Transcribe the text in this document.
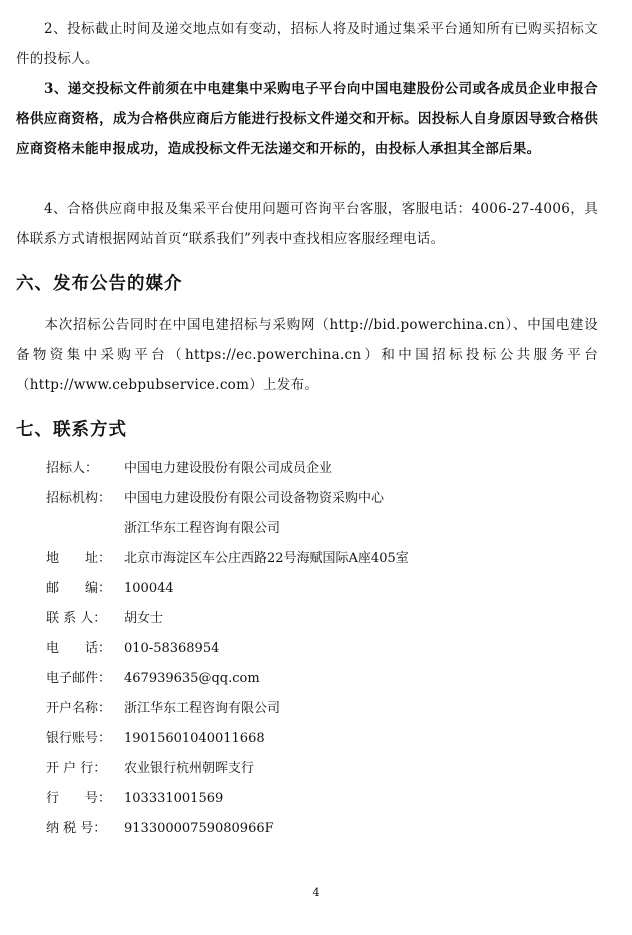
2、投标截止时间及递交地点如有变动，招标人将及时通过集采平台通知所有已购买招标文件的投标人。
3、递交投标文件前须在中电建集中采购电子平台向中国电建股份公司或各成员企业申报合格供应商资格，成为合格供应商后方能进行投标文件递交和开标。因投标人自身原因导致合格供应商资格未能申报成功，造成投标文件无法递交和开标的，由投标人承担其全部后果。
4、合格供应商申报及集采平台使用问题可咨询平台客服，客服电话：4006-27-4006，具体联系方式请根据网站首页“联系我们”列表中查找相应客服经理电话。
六、发布公告的媒介
本次招标公告同时在中国电建招标与采购网（http://bid.powerchina.cn）、中国电建设备物资集中采购平台（https://ec.powerchina.cn）和中国招标投标公共服务平台（http://www.cebpubservice.com）上发布。
七、联系方式
招标人： 中国电力建设股份有限公司成员企业
招标机构： 中国电力建设股份有限公司设备物资采购中心
浙江华东工程咨询有限公司
地　　址： 北京市海淀区车公庄西路22号海赋国际A座405室
邮　　编： 100044
联 系 人： 胡女士
电　　话： 010-58368954
电子邮件： 467939635@qq.com
开户名称： 浙江华东工程咨询有限公司
银行账号： 19015601040011668
开 户 行： 农业银行杭州朝晖支行
行　　号： 103331001569
纳 税 号： 91330000759080966F
4
